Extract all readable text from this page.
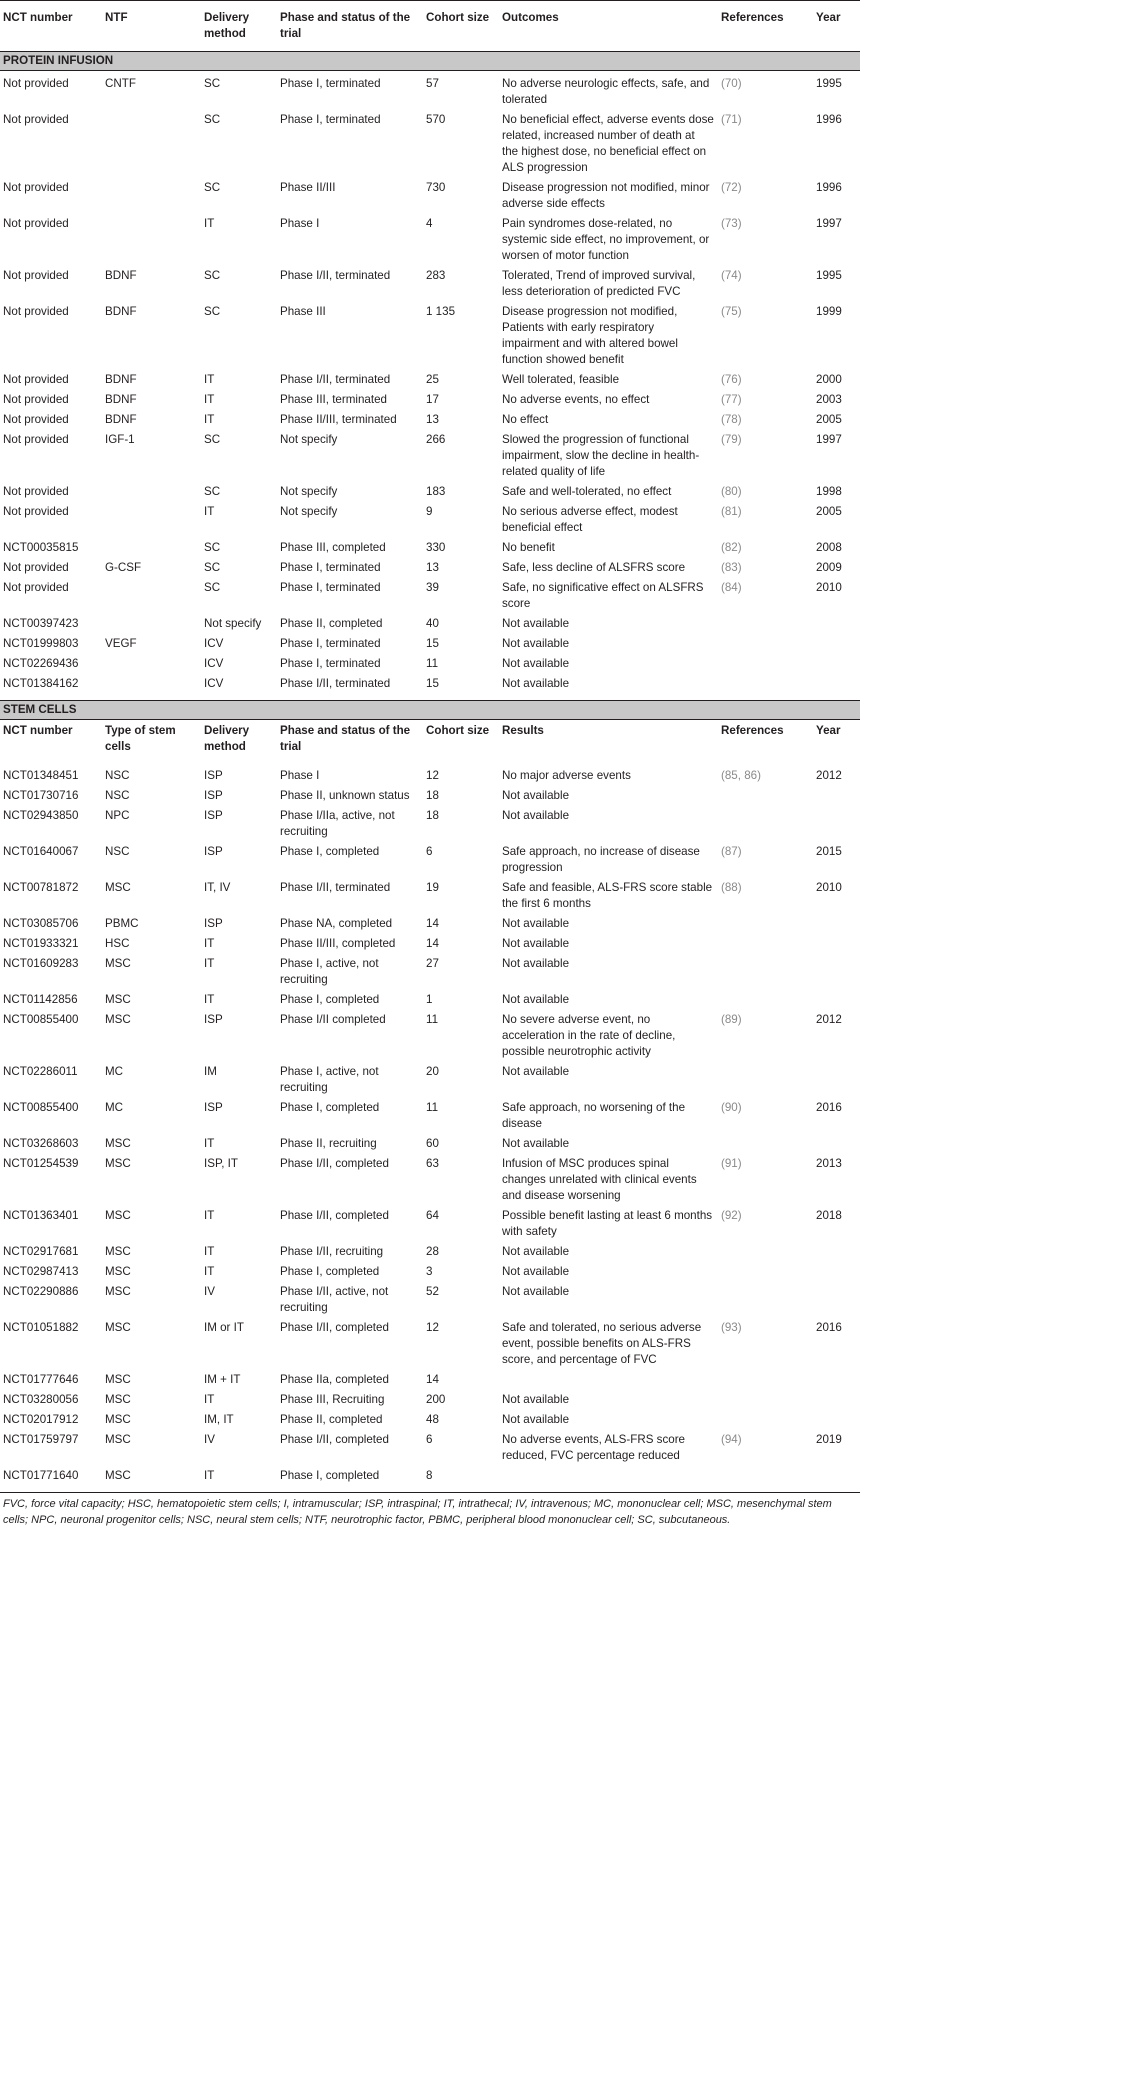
NCT number	NTF	Delivery method	Phase and status of the trial	Cohort size	Outcomes	References	Year
PROTEIN INFUSION							
Not provided	CNTF	SC	Phase I, terminated	57	No adverse neurologic effects, safe, and tolerated	(70)	1995
Not provided		SC	Phase I, terminated	570	No beneficial effect, adverse events dose related, increased number of death at the highest dose, no beneficial effect on ALS progression	(71)	1996
Not provided		SC	Phase II/III	730	Disease progression not modified, minor adverse side effects	(72)	1996
Not provided		IT	Phase I	4	Pain syndromes dose-related, no systemic side effect, no improvement, or worsen of motor function	(73)	1997
Not provided	BDNF	SC	Phase I/II, terminated	283	Tolerated, Trend of improved survival, less deterioration of predicted FVC	(74)	1995
Not provided	BDNF	SC	Phase III	1 135	Disease progression not modified, Patients with early respiratory impairment and with altered bowel function showed benefit	(75)	1999
Not provided	BDNF	IT	Phase I/II, terminated	25	Well tolerated, feasible	(76)	2000
Not provided	BDNF	IT	Phase III, terminated	17	No adverse events, no effect	(77)	2003
Not provided	BDNF	IT	Phase II/III, terminated	13	No effect	(78)	2005
Not provided	IGF-1	SC	Not specify	266	Slowed the progression of functional impairment, slow the decline in health-related quality of life	(79)	1997
Not provided		SC	Not specify	183	Safe and well-tolerated, no effect	(80)	1998
Not provided		IT	Not specify	9	No serious adverse effect, modest beneficial effect	(81)	2005
NCT00035815		SC	Phase III, completed	330	No benefit	(82)	2008
Not provided	G-CSF	SC	Phase I, terminated	13	Safe, less decline of ALSFRS score	(83)	2009
Not provided		SC	Phase I, terminated	39	Safe, no significative effect on ALSFRS score	(84)	2010
NCT00397423		Not specify	Phase II, completed	40	Not available		
NCT01999803	VEGF	ICV	Phase I, terminated	15	Not available		
NCT02269436		ICV	Phase I, terminated	11	Not available		
NCT01384162		ICV	Phase I/II, terminated	15	Not available		
STEM CELLS							
NCT number	Type of stem cells	Delivery method	Phase and status of the trial	Cohort size	Results	References	Year
NCT01348451	NSC	ISP	Phase I	12	No major adverse events	(85, 86)	2012
NCT01730716	NSC	ISP	Phase II, unknown status	18	Not available		
NCT02943850	NPC	ISP	Phase I/IIa, active, not recruiting	18	Not available		
NCT01640067	NSC	ISP	Phase I, completed	6	Safe approach, no increase of disease progression	(87)	2015
NCT00781872	MSC	IT, IV	Phase I/II, terminated	19	Safe and feasible, ALS-FRS score stable the first 6 months	(88)	2010
NCT03085706	PBMC	ISP	Phase NA, completed	14	Not available		
NCT01933321	HSC	IT	Phase II/III, completed	14	Not available		
NCT01609283	MSC	IT	Phase I, active, not recruiting	27	Not available		
NCT01142856	MSC	IT	Phase I, completed	1	Not available		
NCT00855400	MSC	ISP	Phase I/II completed	11	No severe adverse event, no acceleration in the rate of decline, possible neurotrophic activity	(89)	2012
NCT02286011	MC	IM	Phase I, active, not recruiting	20	Not available		
NCT00855400	MC	ISP	Phase I, completed	11	Safe approach, no worsening of the disease	(90)	2016
NCT03268603	MSC	IT	Phase II, recruiting	60	Not available		
NCT01254539	MSC	ISP, IT	Phase I/II, completed	63	Infusion of MSC produces spinal changes unrelated with clinical events and disease worsening	(91)	2013
NCT01363401	MSC	IT	Phase I/II, completed	64	Possible benefit lasting at least 6 months with safety	(92)	2018
NCT02917681	MSC	IT	Phase I/II, recruiting	28	Not available		
NCT02987413	MSC	IT	Phase I, completed	3	Not available		
NCT02290886	MSC	IV	Phase I/II, active, not recruiting	52	Not available		
NCT01051882	MSC	IM or IT	Phase I/II, completed	12	Safe and tolerated, no serious adverse event, possible benefits on ALS-FRS score, and percentage of FVC	(93)	2016
NCT01777646	MSC	IM + IT	Phase IIa, completed	14			
NCT03280056	MSC	IT	Phase III, Recruiting	200	Not available		
NCT02017912	MSC	IM, IT	Phase II, completed	48	Not available		
NCT01759797	MSC	IV	Phase I/II, completed	6	No adverse events, ALS-FRS score reduced, FVC percentage reduced	(94)	2019
NCT01771640	MSC	IT	Phase I, completed	8			
FVC, force vital capacity; HSC, hematopoietic stem cells; I, intramuscular; ISP, intraspinal; IT, intrathecal; IV, intravenous; MC, mononuclear cell; MSC, mesenchymal stem cells; NPC, neuronal progenitor cells; NSC, neural stem cells; NTF, neurotrophic factor, PBMC, peripheral blood mononuclear cell; SC, subcutaneous.
